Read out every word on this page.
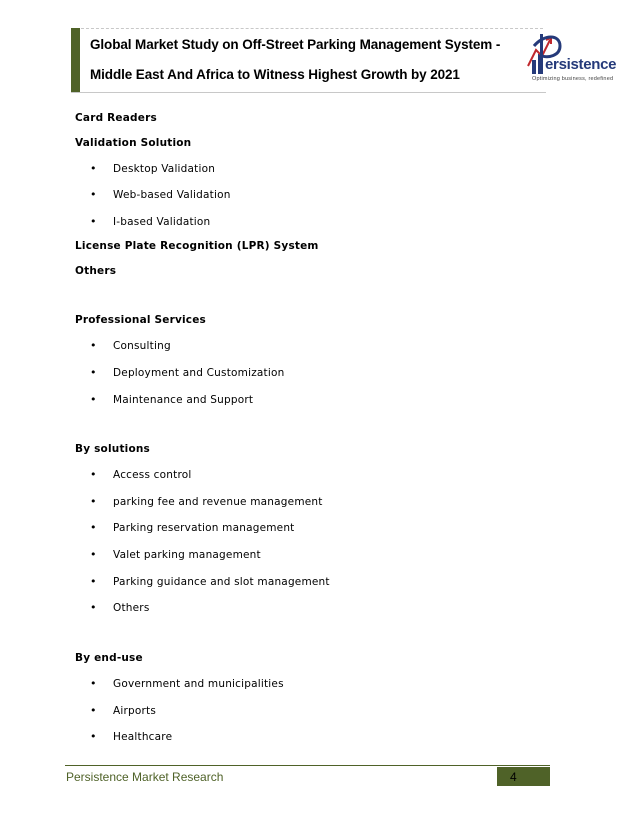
Global Market Study on Off-Street Parking Management System -
Middle East And Africa to Witness Highest Growth by 2021
ersistence
Optimizing business, redefined
Card Readers
Validation Solution
• Desktop Validation
• Web-based Validation
• I-based Validation
License Plate Recognition (LPR) System
Others
Professional Services
• Consulting
• Deployment and Customization
• Maintenance and Support
By solutions
• Access control
• parking fee and revenue management
• Parking reservation management
• Valet parking management
• Parking guidance and slot management
• Others
By end-use
• Government and municipalities
• Airports
• Healthcare
Persistence Market Research	4
